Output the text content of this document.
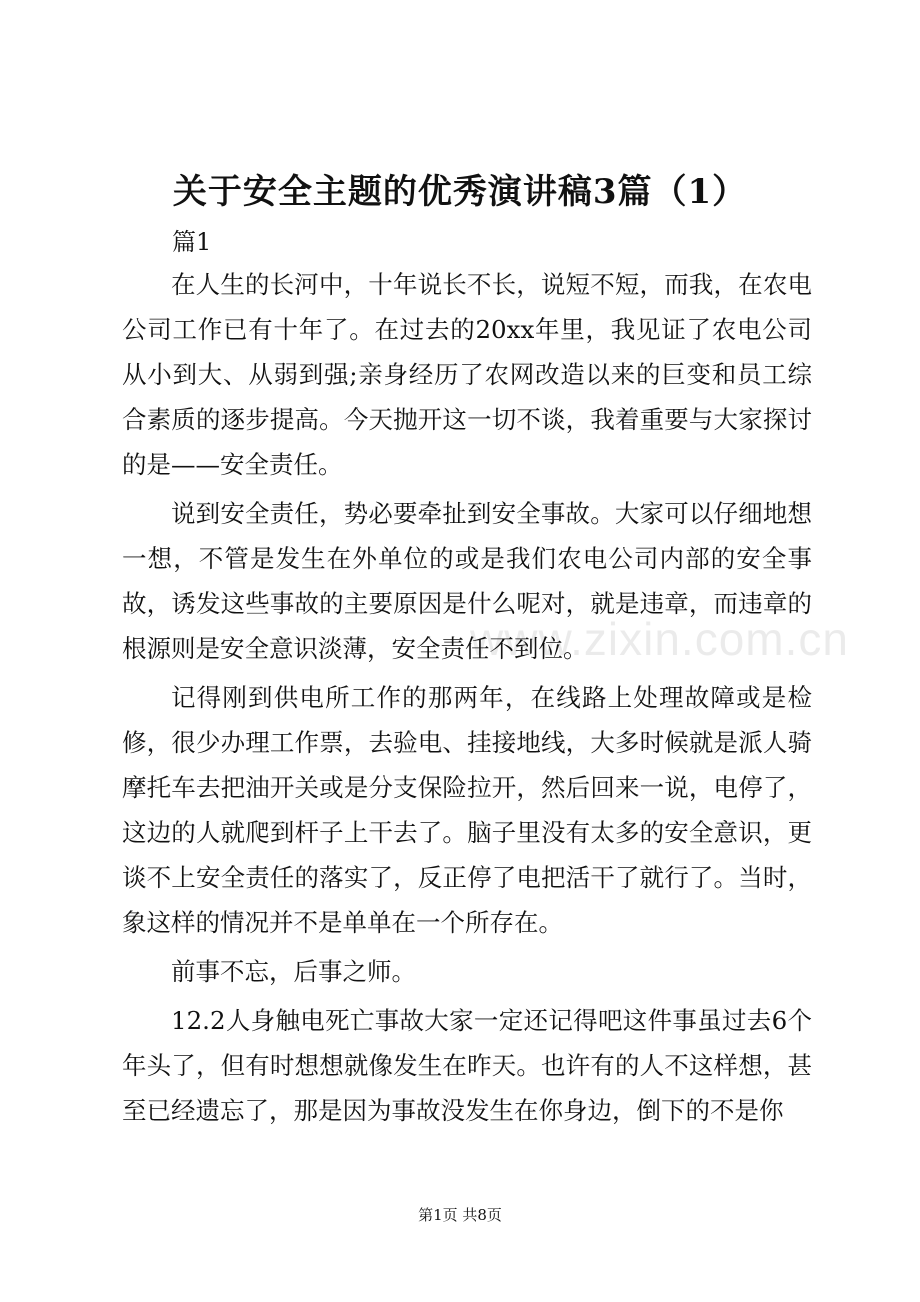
关于安全主题的优秀演讲稿3篇（1）
篇1

在人生的长河中，十年说长不长，说短不短，而我，在农电公司工作已有十年了。在过去的20xx年里，我见证了农电公司从小到大、从弱到强;亲身经历了农网改造以来的巨变和员工综合素质的逐步提高。今天抛开这一切不谈，我着重要与大家探讨的是——安全责任。

说到安全责任，势必要牵扯到安全事故。大家可以仔细地想一想，不管是发生在外单位的或是我们农电公司内部的安全事故，诱发这些事故的主要原因是什么呢对，就是违章，而违章的根源则是安全意识淡薄，安全责任不到位。

记得刚到供电所工作的那两年，在线路上处理故障或是检修，很少办理工作票，去验电、挂接地线，大多时候就是派人骑摩托车去把油开关或是分支保险拉开，然后回来一说，电停了，这边的人就爬到杆子上干去了。脑子里没有太多的安全意识，更谈不上安全责任的落实了，反正停了电把活干了就行了。当时，象这样的情况并不是单单在一个所存在。

前事不忘，后事之师。

12.2人身触电死亡事故大家一定还记得吧这件事虽过去6个年头了，但有时想想就像发生在昨天。也许有的人不这样想，甚至已经遗忘了，那是因为事故没发生在你身边，倒下的不是你

www.zixin.com.cn
第1页 共8页
